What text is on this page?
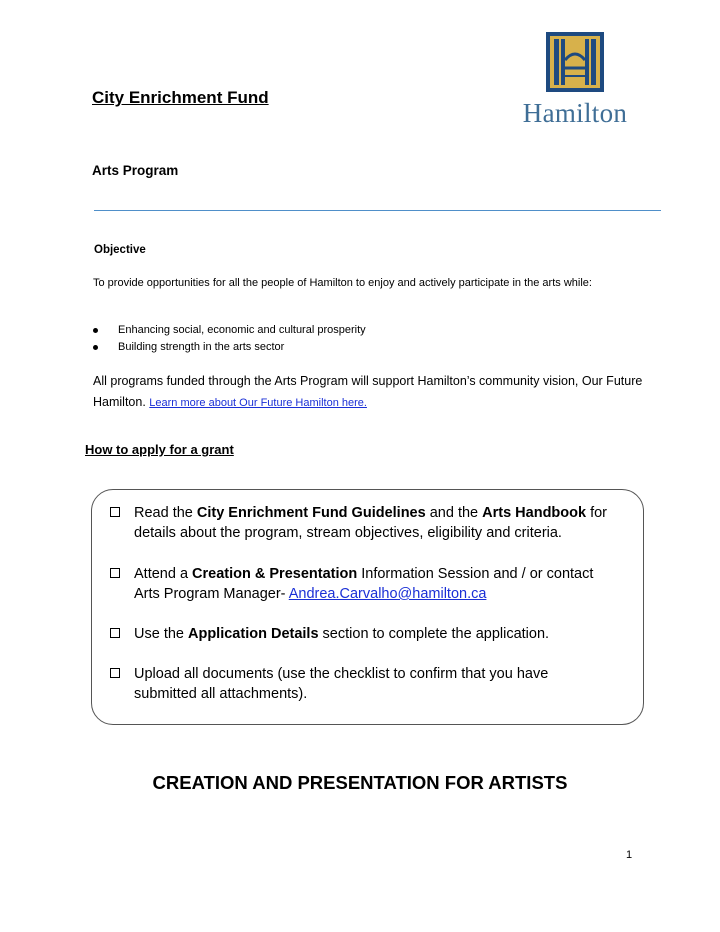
City Enrichment Fund
Hamilton
Arts Program
Objective
To provide opportunities for all the people of Hamilton to enjoy and actively participate in the arts while:
Enhancing social, economic and cultural prosperity
Building strength in the arts sector
All programs funded through the Arts Program will support Hamilton’s community vision, Our Future Hamilton. Learn more about Our Future Hamilton here.
How to apply for a grant
Read the City Enrichment Fund Guidelines and the Arts Handbook for details about the program, stream objectives, eligibility and criteria.
Attend a Creation & Presentation Information Session and / or contact Arts Program Manager- Andrea.Carvalho@hamilton.ca
Use the Application Details section to complete the application.
Upload all documents (use the checklist to confirm that you have submitted all attachments).
CREATION AND PRESENTATION FOR ARTISTS
1
